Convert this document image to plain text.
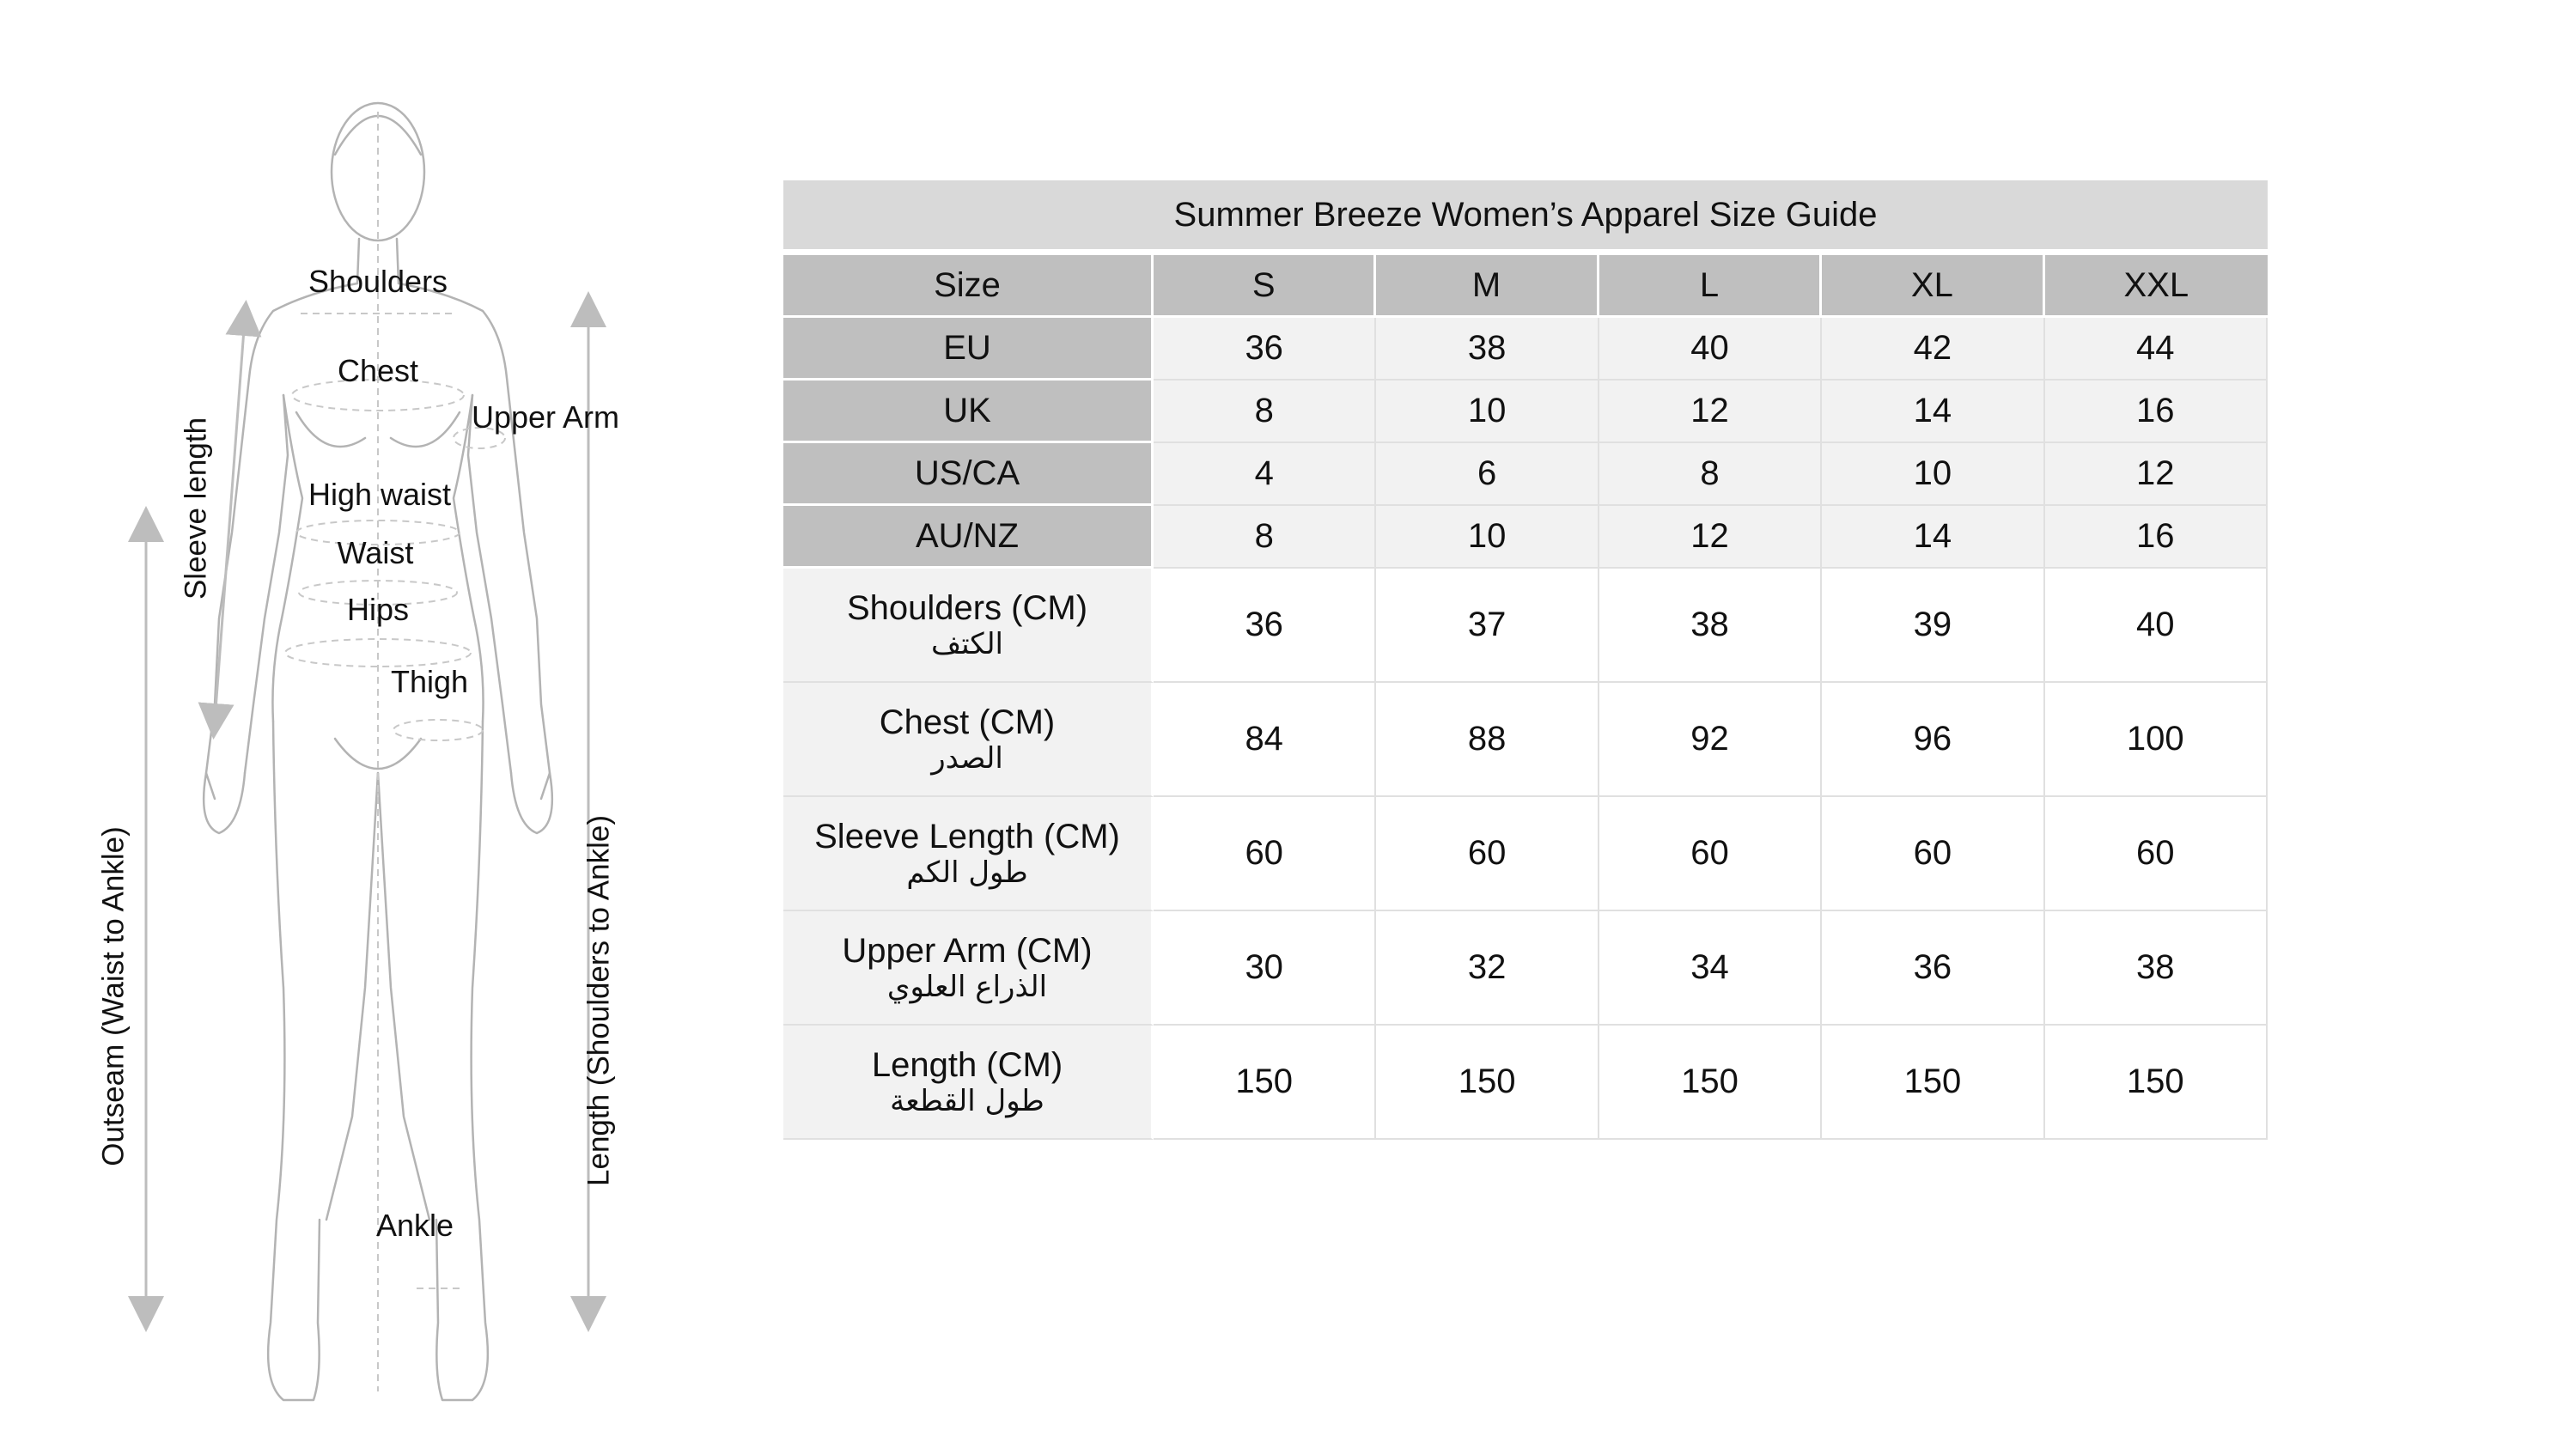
Shoulders
Chest
Upper Arm
High waist
Waist
Hips
Thigh
Ankle
Sleeve length
Outseam (Waist to Ankle)	Length (Shoulders to Ankle)
Summer Breeze Women’s Apparel Size Guide					
Size	S	M	L	XL	XXL
EU	36	38	40	42	44
UK	8	10	12	14	16
US/CA	4	6	8	10	12
AU/NZ	8	10	12	14	16

Shoulders (CM)
الكتف	36	37	38	39	40

Chest (CM)
الصدر	84	88	92	96	100

Sleeve Length (CM)
طول الكم	60	60	60	60	60

Upper Arm (CM)
الذراع العلوي	30	32	34	36	38

Length (CM)
طول القطعة	150	150	150	150	150
